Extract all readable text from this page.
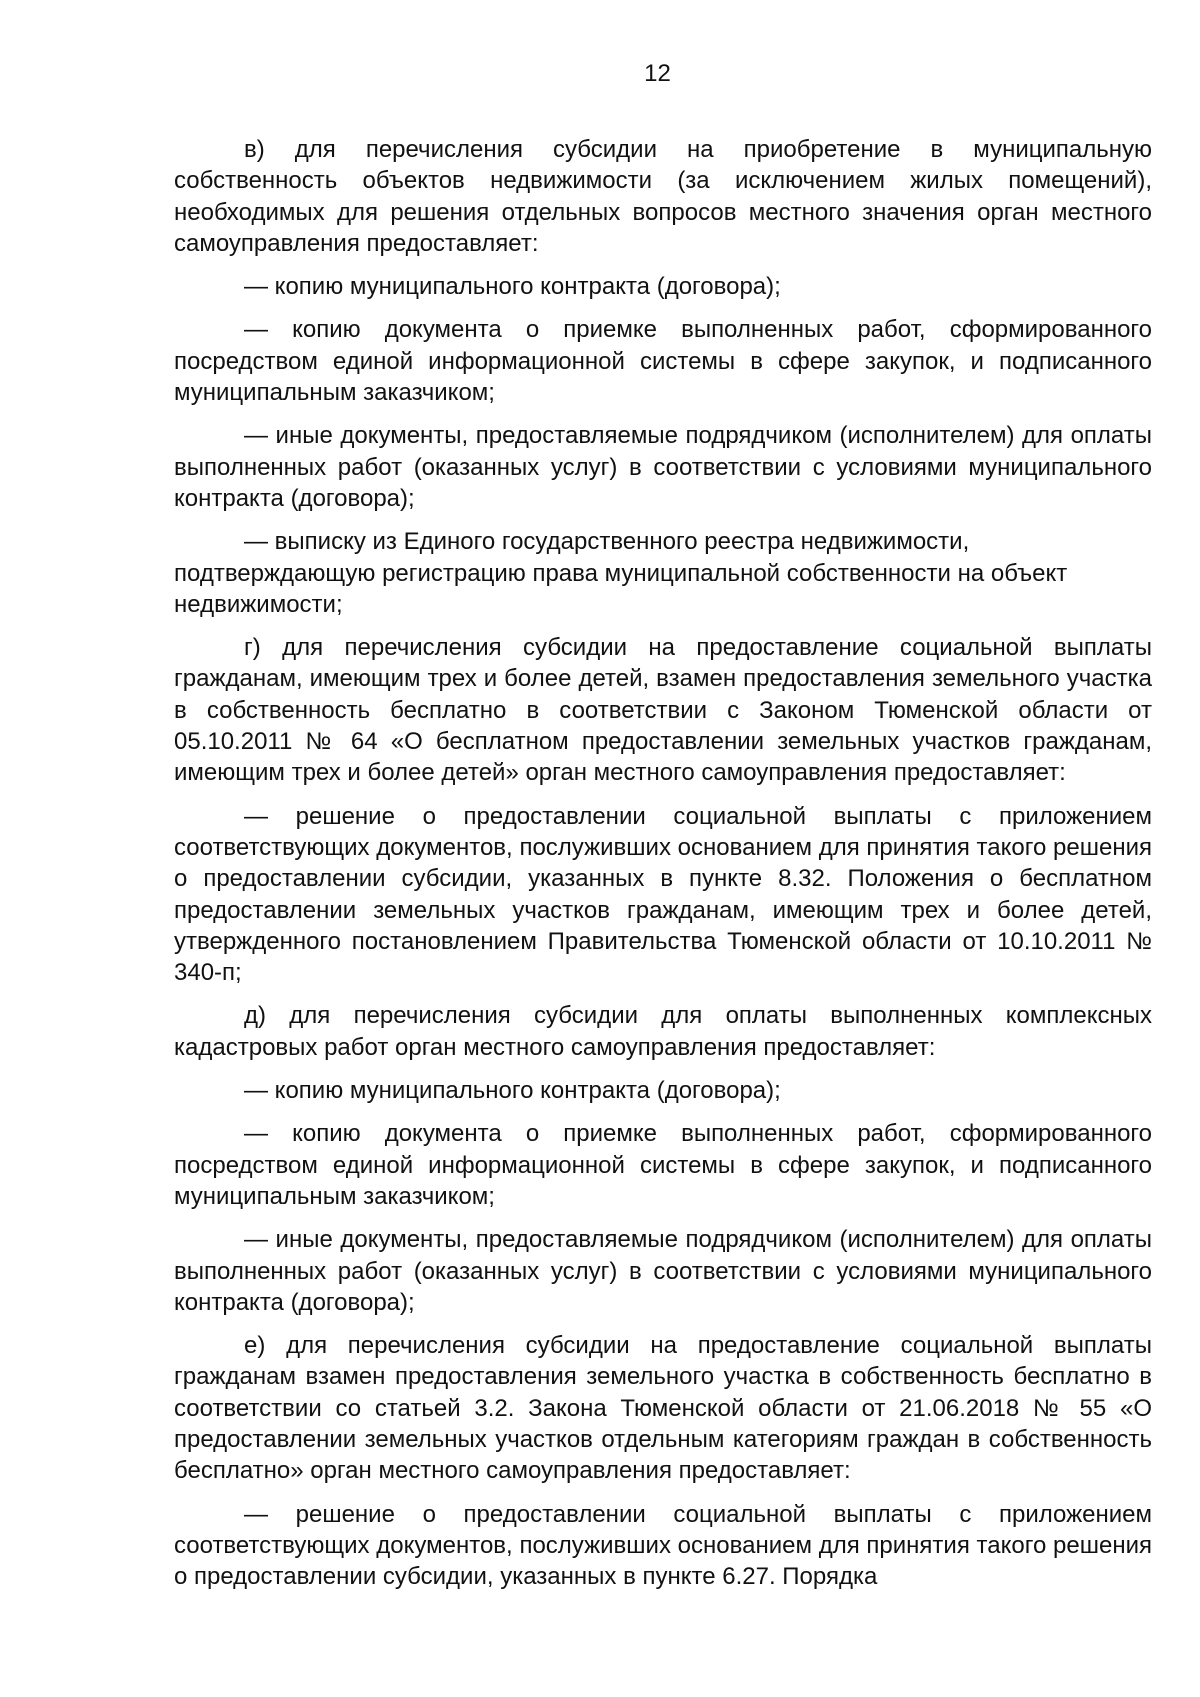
12

в) для перечисления субсидии на приобретение в муниципальную собственность объектов недвижимости (за исключением жилых помещений), необходимых для решения отдельных вопросов местного значения орган местного самоуправления предоставляет:

— копию муниципального контракта (договора);

— копию документа о приемке выполненных работ, сформированного посредством единой информационной системы в сфере закупок, и подписанного муниципальным заказчиком;

— иные документы, предоставляемые подрядчиком (исполнителем) для оплаты выполненных работ (оказанных услуг) в соответствии с условиями муниципального контракта (договора);

— выписку из Единого государственного реестра недвижимости, подтверждающую регистрацию права муниципальной собственности на объект недвижимости;

г) для перечисления субсидии на предоставление социальной выплаты гражданам, имеющим трех и более детей, взамен предоставления земельного участка в собственность бесплатно в соответствии с Законом Тюменской области от 05.10.2011 № 64 «О бесплатном предоставлении земельных участков гражданам, имеющим трех и более детей» орган местного самоуправления предоставляет:

— решение о предоставлении социальной выплаты с приложением соответствующих документов, послуживших основанием для принятия такого решения о предоставлении субсидии, указанных в пункте 8.32. Положения о бесплатном предоставлении земельных участков гражданам, имеющим трех и более детей, утвержденного постановлением Правительства Тюменской области от 10.10.2011 № 340-п;

д) для перечисления субсидии для оплаты выполненных комплексных кадастровых работ орган местного самоуправления предоставляет:

— копию муниципального контракта (договора);

— копию документа о приемке выполненных работ, сформированного посредством единой информационной системы в сфере закупок, и подписанного муниципальным заказчиком;

— иные документы, предоставляемые подрядчиком (исполнителем) для оплаты выполненных работ (оказанных услуг) в соответствии с условиями муниципального контракта (договора);

е) для перечисления субсидии на предоставление социальной выплаты гражданам взамен предоставления земельного участка в собственность бесплатно в соответствии со статьей 3.2. Закона Тюменской области от 21.06.2018 № 55 «О предоставлении земельных участков отдельным категориям граждан в собственность бесплатно» орган местного самоуправления предоставляет:

— решение о предоставлении социальной выплаты с приложением соответствующих документов, послуживших основанием для принятия такого решения о предоставлении субсидии, указанных в пункте 6.27. Порядка
